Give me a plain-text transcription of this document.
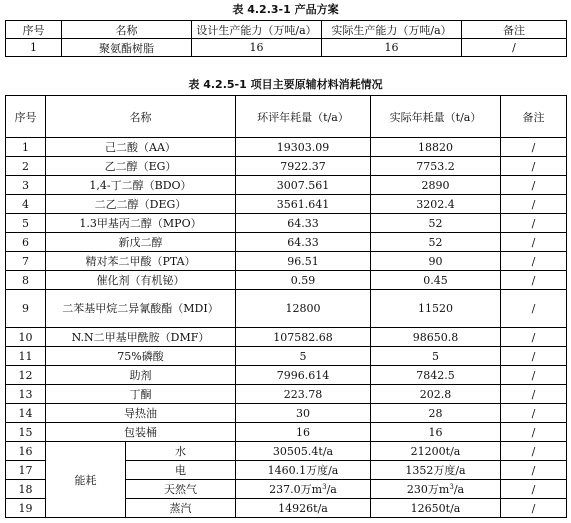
表 4.2.3-1 产品方案
序号	名称	设计生产能力（万吨/a）	实际生产能力（万吨/a）	备注
1	聚氨酯树脂	16	16	/
表 4.2.5-1 项目主要原辅材料消耗情况
序号	名称		环评年耗量（t/a）	实际年耗量（t/a）	备注
1	己二酸（AA）		19303.09	18820	/
2	乙二醇（EG）		7922.37	7753.2	/
3	1,4-丁二醇（BDO）		3007.561	2890	/
4	二乙二醇（DEG）		3561.641	3202.4	/
5	1.3甲基丙二醇（MPO）		64.33	52	/
6	新戊二醇		64.33	52	/
7	精对苯二甲酸（PTA）		96.51	90	/
8	催化剂（有机铋）		0.59	0.45	/
9	二苯基甲烷二异氰酸酯（MDI）		12800	11520	/
10	N.N二甲基甲酰胺（DMF）		107582.68	98650.8	/
11	75%磷酸		5	5	/
12	助剂		7996.614	7842.5	/
13	丁酮		223.78	202.8	/
14	导热油		30	28	/
15	包装桶		16	16	/
16	能耗	水	30505.4t/a	21200t/a	/
17		电	1460.1万度/a	1352万度/a	/
18		天然气	237.0万$m^3/a$	230万$m^3/a$	/
19		蒸汽	14926t/a	12650t/a	/
